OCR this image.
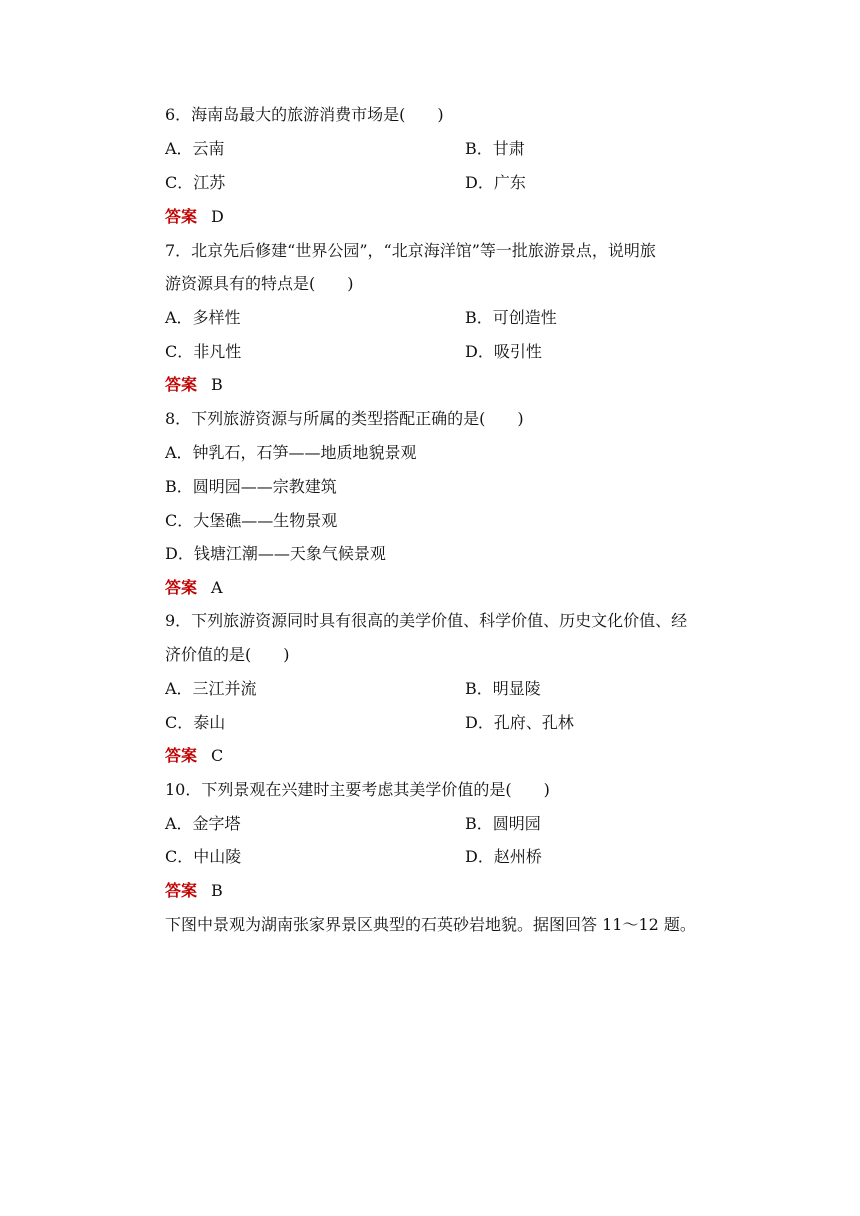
6．海南岛最大的旅游消费市场是(　　)
A．云南	B．甘肃
C．江苏	D．广东
答案 D
7．北京先后修建“世界公园”，“北京海洋馆”等一批旅游景点，说明旅
游资源具有的特点是(　　)
A．多样性	B．可创造性
C．非凡性	D．吸引性
答案 B
8．下列旅游资源与所属的类型搭配正确的是(　　)
A．钟乳石，石笋——地质地貌景观
B．圆明园——宗教建筑
C．大堡礁——生物景观
D．钱塘江潮——天象气候景观
答案 A
9．下列旅游资源同时具有很高的美学价值、科学价值、历史文化价值、经
济价值的是(　　)
A．三江并流	B．明显陵
C．泰山	D．孔府、孔林
答案 C
10．下列景观在兴建时主要考虑其美学价值的是(　　)
A．金字塔	B．圆明园
C．中山陵	D．赵州桥
答案 B
下图中景观为湖南张家界景区典型的石英砂岩地貌。据图回答 11～12 题。
